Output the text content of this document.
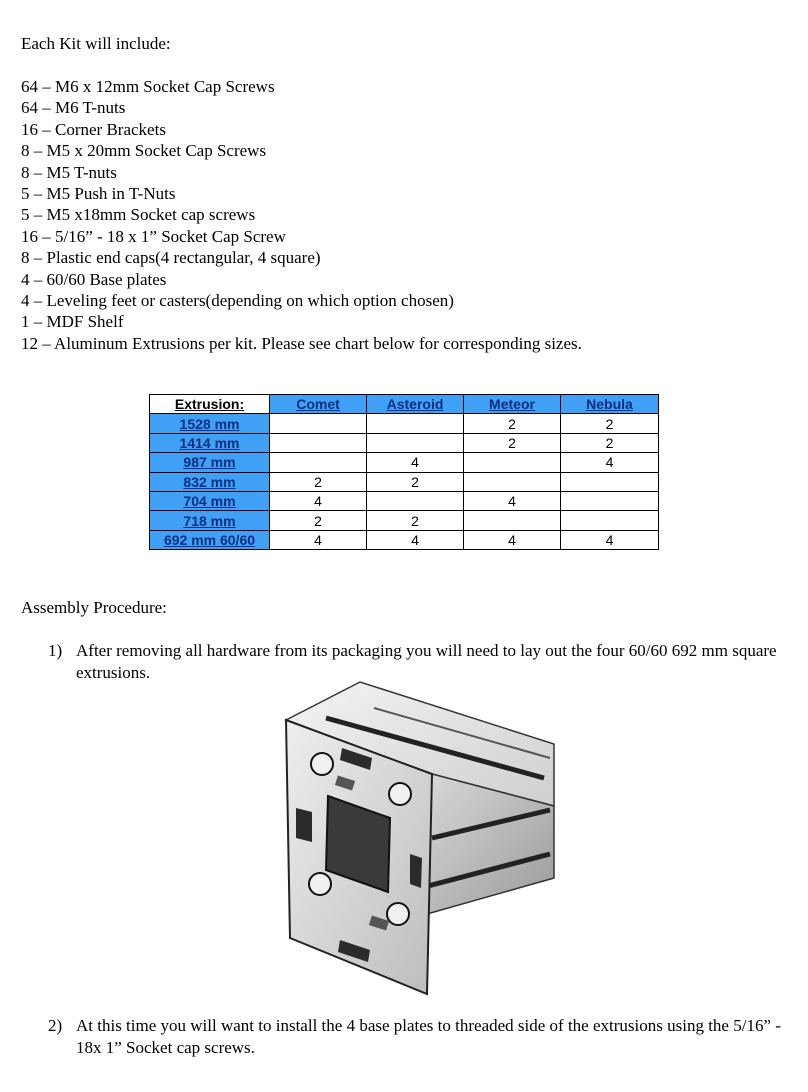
Each Kit will include:
64 – M6 x 12mm Socket Cap Screws
64 – M6 T-nuts
16 – Corner Brackets
8 – M5 x 20mm Socket Cap Screws
8 – M5 T-nuts
5 – M5 Push in T-Nuts
5 – M5 x18mm Socket cap screws
16 – 5/16” - 18 x 1” Socket Cap Screw
8 – Plastic end caps(4 rectangular, 4 square)
4 – 60/60 Base plates
4 – Leveling feet or casters(depending on which option chosen)
1 – MDF Shelf
12 – Aluminum Extrusions per kit. Please see chart below for corresponding sizes.
Extrusion:	Comet	Asteroid	Meteor	Nebula
1528 mm			2	2
1414 mm			2	2
987 mm		4		4
832 mm	2	2		
704 mm	4		4	
718 mm	2	2		
692 mm 60/60	4	4	4	4
Assembly Procedure:
1) After removing all hardware from its packaging you will need to lay out the four 60/60 692 mm square extrusions.
2) At this time you will want to install the 4 base plates to threaded side of the extrusions using the 5/16” - 18x 1” Socket cap screws.
